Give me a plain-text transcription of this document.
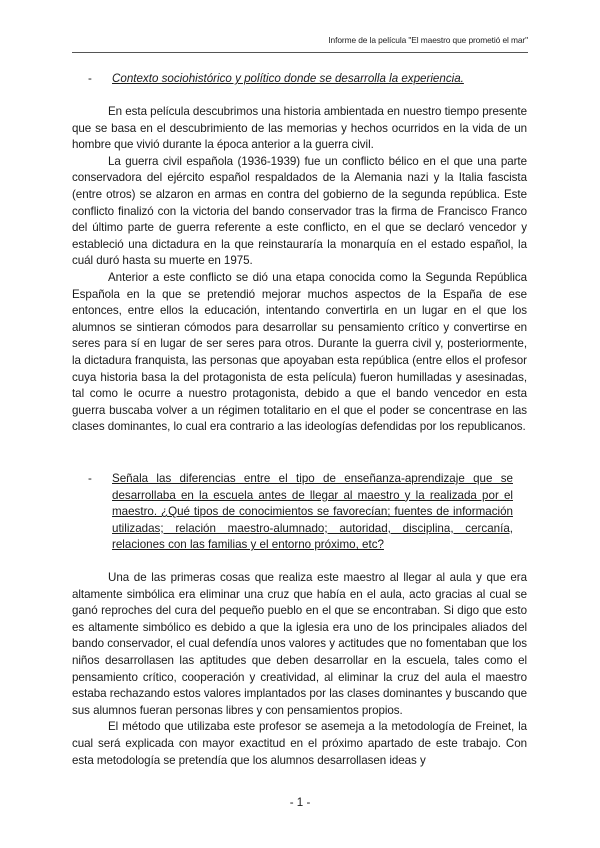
Informe de la película "El maestro que prometió el mar"
- Contexto sociohistórico y político donde se desarrolla la experiencia.

En esta película descubrimos una historia ambientada en nuestro tiempo presente que se basa en el descubrimiento de las memorias y hechos ocurridos en la vida de un hombre que vivió durante la época anterior a la guerra civil.

La guerra civil española (1936-1939) fue un conflicto bélico en el que una parte conservadora del ejército español respaldados de la Alemania nazi y la Italia fascista (entre otros) se alzaron en armas en contra del gobierno de la segunda república. Este conflicto finalizó con la victoria del bando conservador tras la firma de Francisco Franco del último parte de guerra referente a este conflicto, en el que se declaró vencedor y estableció una dictadura en la que reinstauraría la monarquía en el estado español, la cuál duró hasta su muerte en 1975.

Anterior a este conflicto se dió una etapa conocida como la Segunda República Española en la que se pretendió mejorar muchos aspectos de la España de ese entonces, entre ellos la educación, intentando convertirla en un lugar en el que los alumnos se sintieran cómodos para desarrollar su pensamiento crítico y convertirse en seres para sí en lugar de ser seres para otros. Durante la guerra civil y, posteriormente, la dictadura franquista, las personas que apoyaban esta república (entre ellos el profesor cuya historia basa la del protagonista de esta película) fueron humilladas y asesinadas, tal como le ocurre a nuestro protagonista, debido a que el bando vencedor en esta guerra buscaba volver a un régimen totalitario en el que el poder se concentrase en las clases dominantes, lo cual era contrario a las ideologías defendidas por los republicanos.

- Señala las diferencias entre el tipo de enseñanza-aprendizaje que se desarrollaba en la escuela antes de llegar al maestro y la realizada por el maestro. ¿Qué tipos de conocimientos se favorecían; fuentes de información utilizadas; relación maestro-alumnado; autoridad, disciplina, cercanía, relaciones con las familias y el entorno próximo, etc?

Una de las primeras cosas que realiza este maestro al llegar al aula y que era altamente simbólica era eliminar una cruz que había en el aula, acto gracias al cual se ganó reproches del cura del pequeño pueblo en el que se encontraban. Si digo que esto es altamente simbólico es debido a que la iglesia era uno de los principales aliados del bando conservador, el cual defendía unos valores y actitudes que no fomentaban que los niños desarrollasen las aptitudes que deben desarrollar en la escuela, tales como el pensamiento crítico, cooperación y creatividad, al eliminar la cruz del aula el maestro estaba rechazando estos valores implantados por las clases dominantes y buscando que sus alumnos fueran personas libres y con pensamientos propios.

El método que utilizaba este profesor se asemeja a la metodología de Freinet, la cual será explicada con mayor exactitud en el próximo apartado de este trabajo. Con esta metodología se pretendía que los alumnos desarrollasen ideas y

- 1 -
